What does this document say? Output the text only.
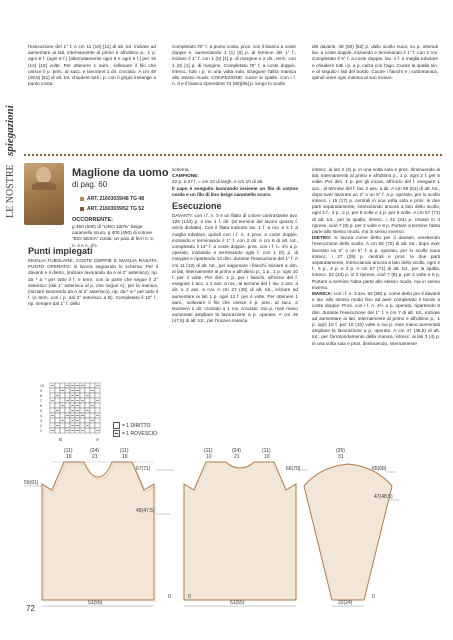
LE NOSTRE
spiegazioni

l'esecuzione del 1° f. A cm 11 (10) [11] di alt. tot. iniziare ad aumentare ai lati, internamente al primo e all'ultimo p., 1 p. ogni 8 f. (ogni 8 f.) [alternatamente ogni 8 e ogni 6 f.] per 15 (14) [15] volte. Per ottenere 1 aum., sollevare il filo che unisce il p. prec. al succ. e lavorarvi 1 dir. crociato. A cm 48 (49,5) [51] di alt. tot. chiudere tutti i p. con il grigio melange a punto costa.

Completato l'8° f. a punto costa, pros. con il bianco a coste doppie e, aumentando 1 (1) [0] p. al termine del 1° f., iniziare il 1° f. con 1 (0) [1] p. di margine e 2 dir., term. con 1 (0) [1] p. di margine. Completato l'8° f. a coste doppie, intrecc. tutti i p. in una volta sola. Eseguire l'altra manica allo stesso modo. CONFEZIONE: cucire le spalle. Con i f. n. 3 e il bianco riprendere 74 (80)[86] p. lungo lo scollo

del davanti, 48 (50) [52] p. dallo scollo nuca; su p. ottenuti lav. a coste doppie, iniziando e terminando il 1° f. con 2 rov. Completato il 9° f. a coste doppie, lav. 4 f. a maglia tubolare e chiudere tutti i p. a p. calza con l'ago. Cucire la spalla sin. e di seguito i lati del bordo. Cucire i fianchi e i sottomanica, quindi unire ogni manica al suo incavo.

Maglione da uomo
di pag. 60
ART. 21603039/48 TG 48
ART. 21603039/52 TG 52
OCCORRENTE:
g 450 (500) di “LINO 100%” beige caramello scuro, g 400 (450) di cotone “BIO SESIA” corda; un paio di ferri n. 3, n. 4 e n. 4½.
Punti impiegati
MAGLIA TUBOLARE, COSTE DOPPIE E MAGLIA RASATA. PUNTO OPERATO: si lavora seguendo lo schema. Per il davanti e il dietro, (iniziare lavorando da A al 2° asterisco), rip. da * a * per tutto il f. e term. con la parte che segue il 2° asterisco (dal 1° asterisco al p. che segue A); per la manica, (iniziare lavorando da A al 2° asterisco), rip. da * a * per tutto il f. (e term. con i p. dal 2° asterisco a B). Completato il 10° f., rip. sempre dal 1° f. dello
10
9
8
7
6
5
4
3
2
1
B	A
= 1 DIRITTO
= 1 ROVESCIO
schema.
CAMPIONE:
22 p. e 27 f. = cm 10 di largh. e cm 10 di alt.
Il capo è eseguito lavorando insieme un filo di cotone corda e un filo di lino beige caramello scuro.
Esecuzione
DAVANTI: con i f. n. 3 e un filato di colore contrastante avv. 126 (134) p. e lav. 1 f. dir. (al termine del lavoro questo f. verrà disfatto). Con il filato indicato lav. 1 f. a rov. e 4 f. a maglia tubolare, quindi con i f. n. 4 pros. a coste doppie, iniziando e terminando il 1° f. con 2 dir. A cm 6 di alt. tot., completato il 14° f. a coste doppie, pros. con i f. n. 4½ a p. operato, iniziando e terminando ogni f. con 1 (0) p. di margine e ripartendo 13 dim. durante l'esecuzione del 1° f. A cm 11 (12) di alt. tot., per sagomare i fianchi, iniziare a dim. ai lati, internamente al primo e all'ultimo p., 1 p., 1 p. ogni 10 f. per 4 volte. Per dim. 1 p. per i fianchi, all'inizio del f. eseguire 1 acc. o 2 ass. a rov., al termine del f. lav. 2 ass. a dir. o 2 ass. a rov. A cm 27 (28) di alt. tot., iniziare ad aumentare ai lati 1 p. ogni 12 f. per 4 volte. Per ottenere 1 aum., sollevare il filo che unisce il p. prec. al succ. e lavorarvi 1 dir. crociato o 1 rov. crociato. Sui p. man mano aumentati ampliare la lavorazione a p. operato. A cm 45 (47,5) di alt. tot., per l'incavo manica
intrecc. ai lati 3 (4) p. in una volta sola e pros. diminuendo ai lati, internamente al primo e all'ultimo p., 1 p. ogni 2 f. per 6 volte. Per dim. 1 p. per gli incavi, all'inizio del f. eseguire 1 acc., al termine del f. lav. 2 ass. a dir. A cm 59 (61) di alt. tot., dopo aver lavorato un 2° o un 6° f. a p. operato, per lo scollo intrecc. i 15 (17) p. centrali in una volta sola e pros. le due parti separatamente, intrecciando ancora a lato dello scollo, ogni 2 f., 3 p., 2 p. per 5 volte e 1 p. per 5 volte. A cm 67 (71) di alt. tot., per la spalla, intrecc. i 22 (24) p. rimasti in 3 riprese, cioè 7 (8) p. per 2 volte e 8 p. Portare a termine l'altra parte allo stesso modo, ma in senso inverso.
DIETRO: si lavora come detto per il davanti, omettendo l'esecuzione dello scollo. A cm 66 (70) di alt. tot., dopo aver lavorato un 2° o un 6° f. a p. operato, per lo scollo nuca intrecc. i 27 (29) p. centrali e pros. le due parti separatamente, intrecciando ancora a lato dello scollo, ogni 2 f., 5 p., 4 p. e 3 p. A cm 67 (71) di alt. tot., per la spalla, intrecc. 22 (24) p. in 3 riprese, cioè 7 (8) p. per 2 volte e 8 p. Portare a termine l'altra parte allo stesso modo, ma in senso inverso.
MANICA: con i f. n. 3 avv. 54 (58) p. come detto per il davanti e lav. allo stesso modo fino ad aver completato il bordo a coste doppie. Pros. con i f. n. 4½ a p. operato, ripartendo 6 dim. durante l'esecuzione del 1° f. A cm 7 di alt. tot., iniziare ad aumentare ai lati, internamente al primo e all'ultimo p., 1 p. ogni 10 f. per 10 (10) volte e sui p. man mano aumentati ampliare la lavorazione a p. operato. A cm 47 (48,5) di alt. tot., per l'arrotondamento della manica, intrecc. ai lati 3 (4) p. in una volta sola e pros. diminuendo, internamente
(11)
10
(24)
21
(11)
10
67(71)
59(61)
45(47,5)
0
51(55)
(11)
10
(24)
21
(11)
10
66(70)
51(55)
0
(35)
31
65(68)
47(48,5)
22(24)
0
72
